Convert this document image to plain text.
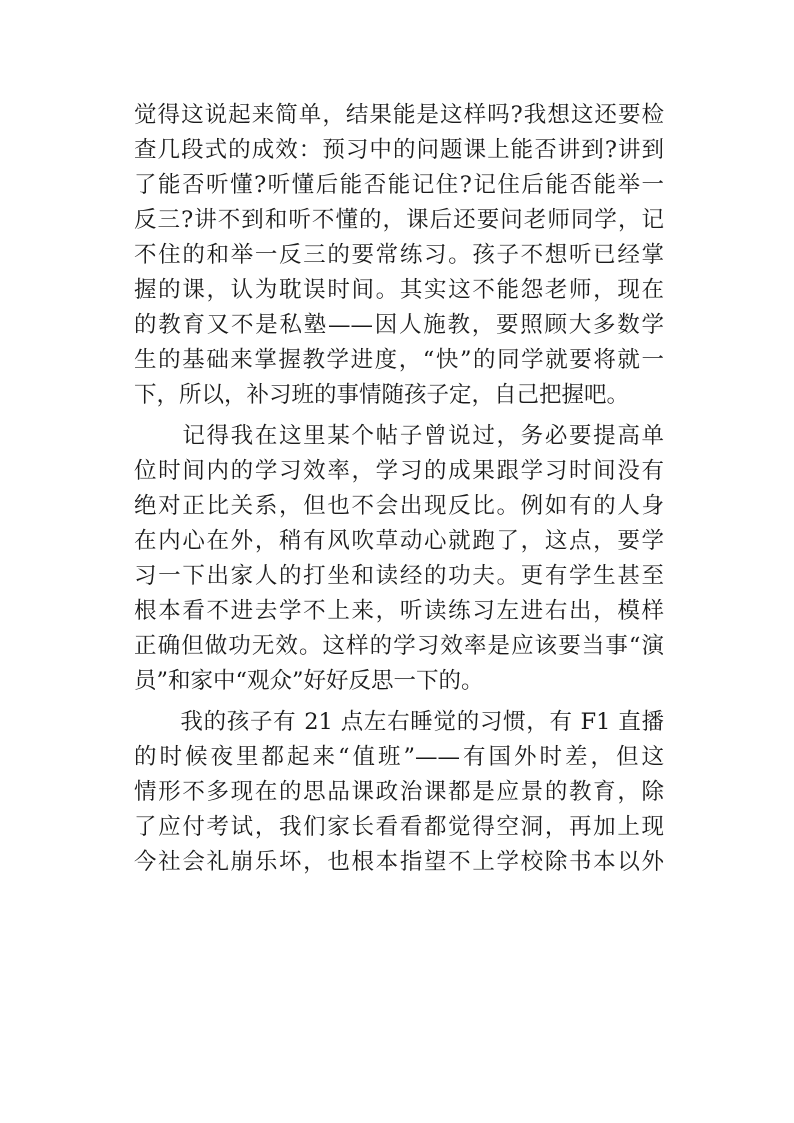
觉得这说起来简单，结果能是这样吗?我想这还要检
查几段式的成效：预习中的问题课上能否讲到?讲到
了能否听懂?听懂后能否能记住?记住后能否能举一
反三?讲不到和听不懂的，课后还要问老师同学，记
不住的和举一反三的要常练习。孩子不想听已经掌
握的课，认为耽误时间。其实这不能怨老师，现在
的教育又不是私塾——因人施教，要照顾大多数学
生的基础来掌握教学进度，“快”的同学就要将就一
下，所以，补习班的事情随孩子定，自己把握吧。
　　记得我在这里某个帖子曾说过，务必要提高单
位时间内的学习效率，学习的成果跟学习时间没有
绝对正比关系，但也不会出现反比。例如有的人身
在内心在外，稍有风吹草动心就跑了，这点，要学
习一下出家人的打坐和读经的功夫。更有学生甚至
根本看不进去学不上来，听读练习左进右出，模样
正确但做功无效。这样的学习效率是应该要当事“演
员”和家中“观众”好好反思一下的。
　　我的孩子有 21 点左右睡觉的习惯，有 F1 直播
的时候夜里都起来“值班”——有国外时差，但这
情形不多现在的思品课政治课都是应景的教育，除
了应付考试，我们家长看看都觉得空洞，再加上现
今社会礼崩乐坏，也根本指望不上学校除书本以外
